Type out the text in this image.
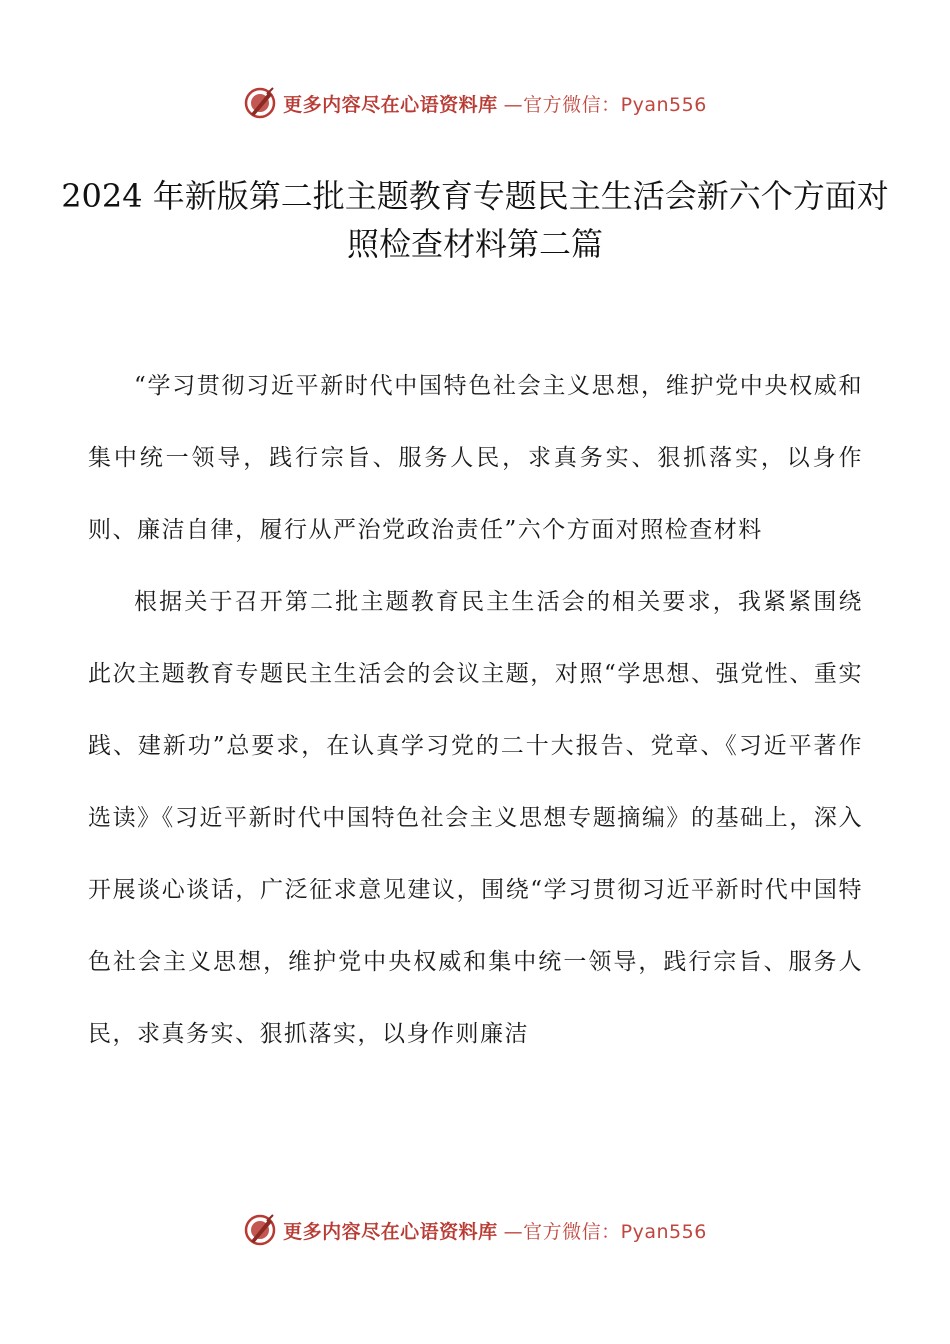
更多内容尽在心语资料库 —官方微信：Pyan556
2024 年新版第二批主题教育专题民主生活会新六个方面对照检查材料第二篇

“学习贯彻习近平新时代中国特色社会主义思想，维护党中央权威和集中统一领导，践行宗旨、服务人民，求真务实、狠抓落实，以身作则、廉洁自律，履行从严治党政治责任”六个方面对照检查材料

根据关于召开第二批主题教育民主生活会的相关要求，我紧紧围绕此次主题教育专题民主生活会的会议主题，对照“学思想、强党性、重实践、建新功”总要求，在认真学习党的二十大报告、党章、《习近平著作选读》《习近平新时代中国特色社会主义思想专题摘编》的基础上，深入开展谈心谈话，广泛征求意见建议，围绕“学习贯彻习近平新时代中国特色社会主义思想，维护党中央权威和集中统一领导，践行宗旨、服务人民，求真务实、狠抓落实，以身作则廉洁

更多内容尽在心语资料库 —官方微信：Pyan556
